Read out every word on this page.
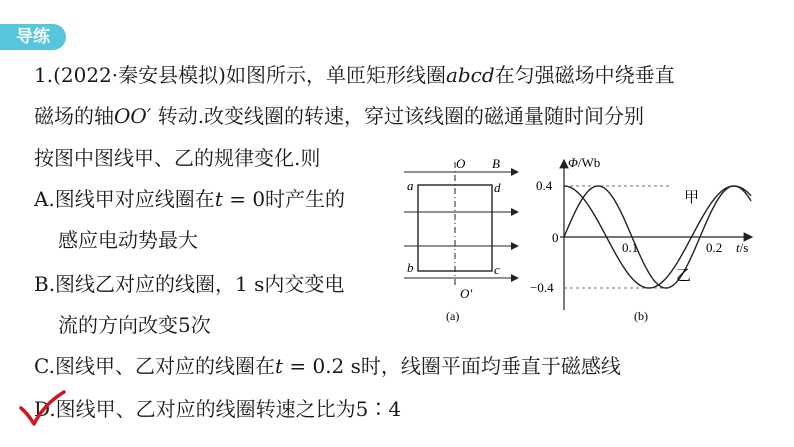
导练
1.(2022·秦安县模拟)如图所示，单匝矩形线圈abcd在匀强磁场中绕垂直
磁场的轴OO′ 转动.改变线圈的转速，穿过该线圈的磁通量随时间分别
按图中图线甲、乙的规律变化.则
A.图线甲对应线圈在t = 0时产生的
感应电动势最大
B.图线乙对应的线圈，1 s内交变电
流的方向改变5次
C.图线甲、乙对应的线圈在t = 0.2 s时，线圈平面均垂直于磁感线
D.图线甲、乙对应的线圈转速之比为5∶4
O B
a	d
b	c
O′
(a)
Φ/Wb
0.4
0
−0.4
0.1	0.2 t/s
甲
乙
(b)
